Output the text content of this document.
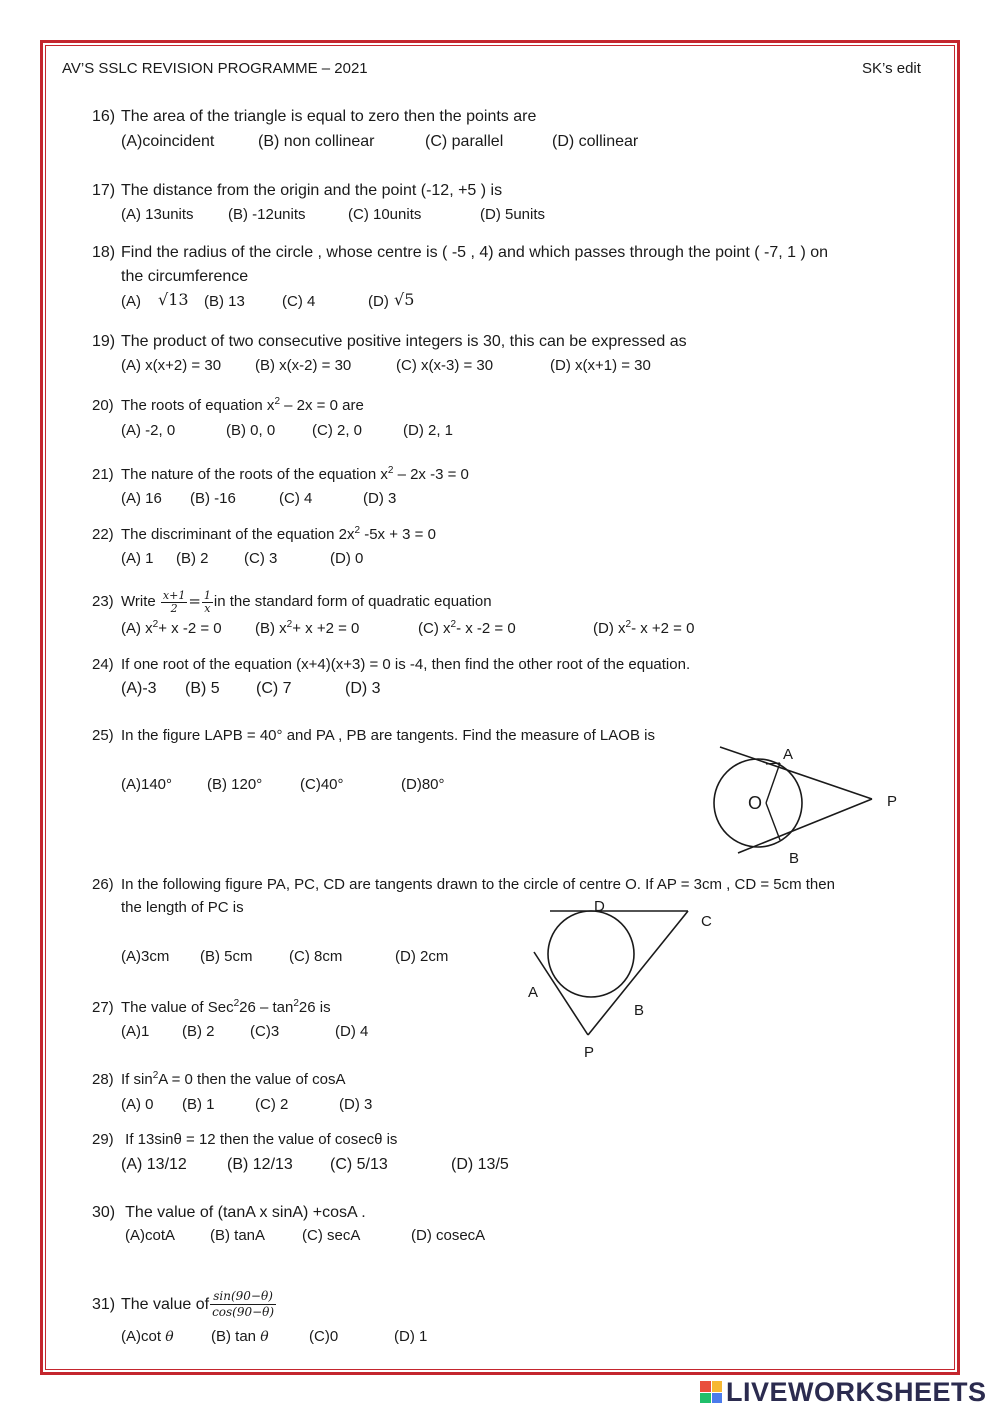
AV’S SSLC REVISION PROGRAMME – 2021	SK’s edit
16) The area of the triangle is equal to zero then the points are
(A)coincident	(B) non collinear	(C) parallel	(D) collinear
17) The distance from the origin and the point (-12, +5 ) is
(A) 13units (B) -12units	(C) 10units	(D) 5units
18) Find the radius of the circle , whose centre is ( -5 , 4) and which passes through the point ( -7, 1 ) on
the circumference
(A) √13 (B) 13 (C) 4	(D) √5
19) The product of two consecutive positive integers is 30, this can be expressed as
(A) x(x+2) = 30 (B) x(x-2) = 30	(C) x(x-3) = 30	(D) x(x+1) = 30
20) The roots of equation $x^2 - 2x = 0$ are
(A) -2, 0	(B) 0, 0 (C) 2, 0	(D) 2, 1
21) The nature of the roots of the equation $x^2 - 2x$ -3 = 0
(A) 16 (B) -16	(C) 4	(D) 3
22) The discriminant of the equation $2x^2$ -5x + 3 = 0
(A) 1 (B) 2 (C) 3	(D) 0
23) Write $\frac{x+1}{2} = \frac{1}{x}$ in the standard form of quadratic equation
(A) $x^2+ x$ -2 = 0 (B) $x^2+ x +2 = 0$	(C) $x^2-$ x -2 = 0	(D) $x^2-$ x +2 = 0
24) If one root of the equation (x+4)(x+3) = 0 is -4, then find the other root of the equation.
(A)-3 (B) 5 (C) 7	(D) 3
25) In the figure LAPB = 40° and PA , PB are tangents. Find the measure of LAOB is
(A)140° (B) 120°	(C)40°	(D)80°
A
O	P
B
26) In the following figure PA, PC, CD are tangents drawn to the circle of centre O. If AP = 3cm , CD = 5cm then
the length of PC is
(A)3cm (B) 5cm (C) 8cm	(D) 2cm
D
C
A
B
P
27) The value of $Sec^226 - \tan^226$ is
(A)1 (B) 2 (C)3	(D) 4
28) If $\sin^2A = 0$ then the value of cosA
(A) 0 (B) 1	(C) 2	(D) 3
29) If 13sinθ = 12 then the value of cosecθ is
(A) 13/12	(B) 12/13 (C) 5/13	(D) 13/5
30) The value of (tanA x sinA) +cosA .
(A)cotA (B) tanA (C) secA	(D) cosecA
31) The value of $\frac{\sin(90-\theta)}{\cos(90-\theta)}$
(A)cot θ (B) tan θ	(C)0	(D) 1
LIVEWORKSHEETS
